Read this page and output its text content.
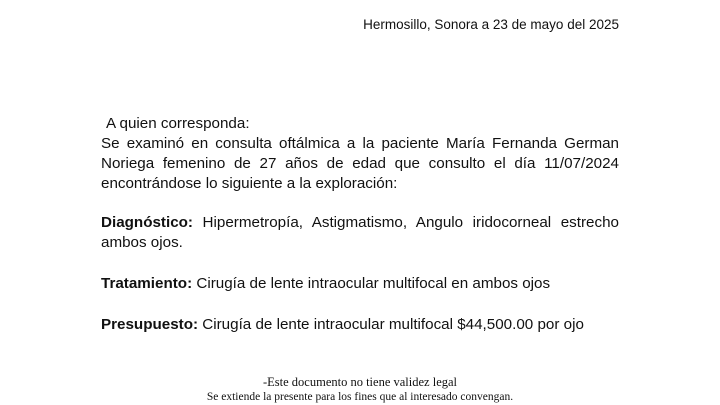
Hermosillo, Sonora a 23 de mayo del 2025
A quien corresponda:
Se examinó en consulta oftálmica a la paciente María Fernanda German Noriega femenino de 27 años de edad que consulto el día 11/07/2024 encontrándose lo siguiente a la exploración:
Diagnóstico: Hipermetropía, Astigmatismo, Angulo iridocorneal estrecho ambos ojos.
Tratamiento: Cirugía de lente intraocular multifocal en ambos ojos
Presupuesto: Cirugía de lente intraocular multifocal $44,500.00 por ojo
-Este documento no tiene validez legal
Se extiende la presente para los fines que al interesado convengan.
